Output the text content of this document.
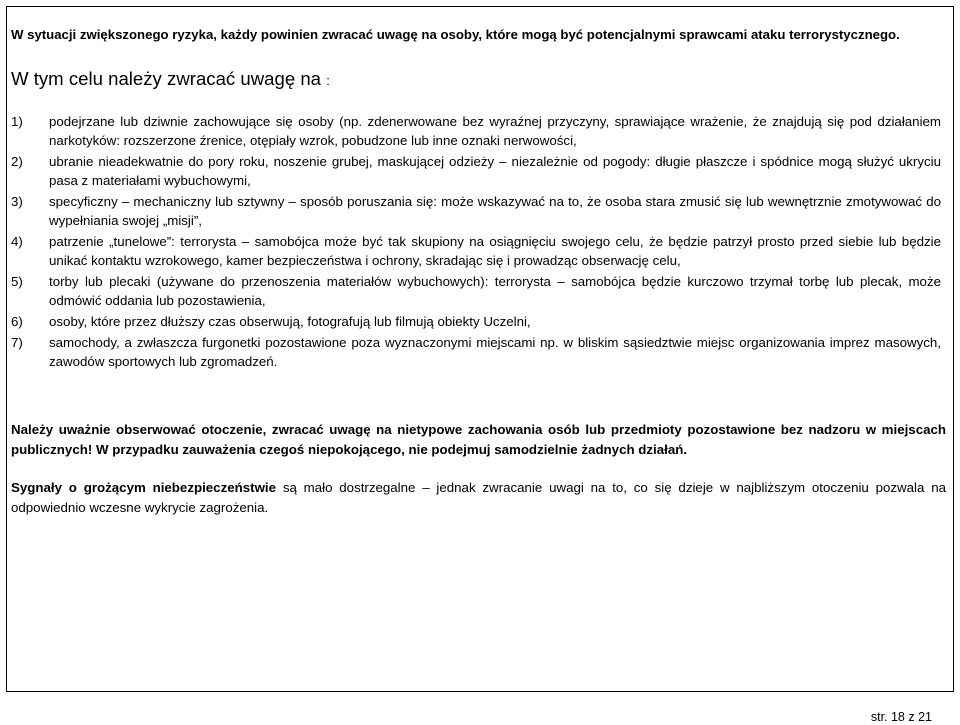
W sytuacji zwiększonego ryzyka, każdy powinien zwracać uwagę na osoby, które mogą być potencjalnymi sprawcami ataku terrorystycznego.
W tym celu należy zwracać uwagę na :
1)	podejrzane lub dziwnie zachowujące się osoby (np. zdenerwowane bez wyraźnej przyczyny, sprawiające wrażenie, że znajdują się pod działaniem narkotyków: rozszerzone źrenice, otępiały wzrok, pobudzone lub inne oznaki nerwowości,
2)	ubranie nieadekwatnie do pory roku, noszenie grubej, maskującej odzieży – niezależnie od pogody: długie płaszcze i spódnice mogą służyć ukryciu pasa z materiałami wybuchowymi,
3)	specyficzny – mechaniczny lub sztywny – sposób poruszania się: może wskazywać na to, że osoba stara zmusić się lub wewnętrznie zmotywować do wypełniania swojej „misji”,
4)	patrzenie „tunelowe”: terrorysta – samobójca może być tak skupiony na osiągnięciu swojego celu, że będzie patrzył prosto przed siebie lub będzie unikać kontaktu wzrokowego, kamer bezpieczeństwa i ochrony, skradając się i prowadząc obserwację celu,
5)	torby lub plecaki (używane do przenoszenia materiałów wybuchowych): terrorysta – samobójca będzie kurczowo trzymał torbę lub plecak, może odmówić oddania lub pozostawienia,
6)	osoby, które przez dłuższy czas obserwują, fotografują lub filmują obiekty Uczelni,
7)	samochody, a zwłaszcza furgonetki pozostawione poza wyznaczonymi miejscami np. w bliskim sąsiedztwie miejsc organizowania imprez masowych, zawodów sportowych lub zgromadzeń.

Należy uważnie obserwować otoczenie, zwracać uwagę na nietypowe zachowania osób lub przedmioty pozostawione bez nadzoru w miejscach publicznych! W przypadku zauważenia czegoś niepokojącego, nie podejmuj samodzielnie żadnych działań.

Sygnały o grożącym niebezpieczeństwie są mało dostrzegalne – jednak zwracanie uwagi na to, co się dzieje w najbliższym otoczeniu pozwala na odpowiednio wczesne wykrycie zagrożenia.

str. 18 z 21
